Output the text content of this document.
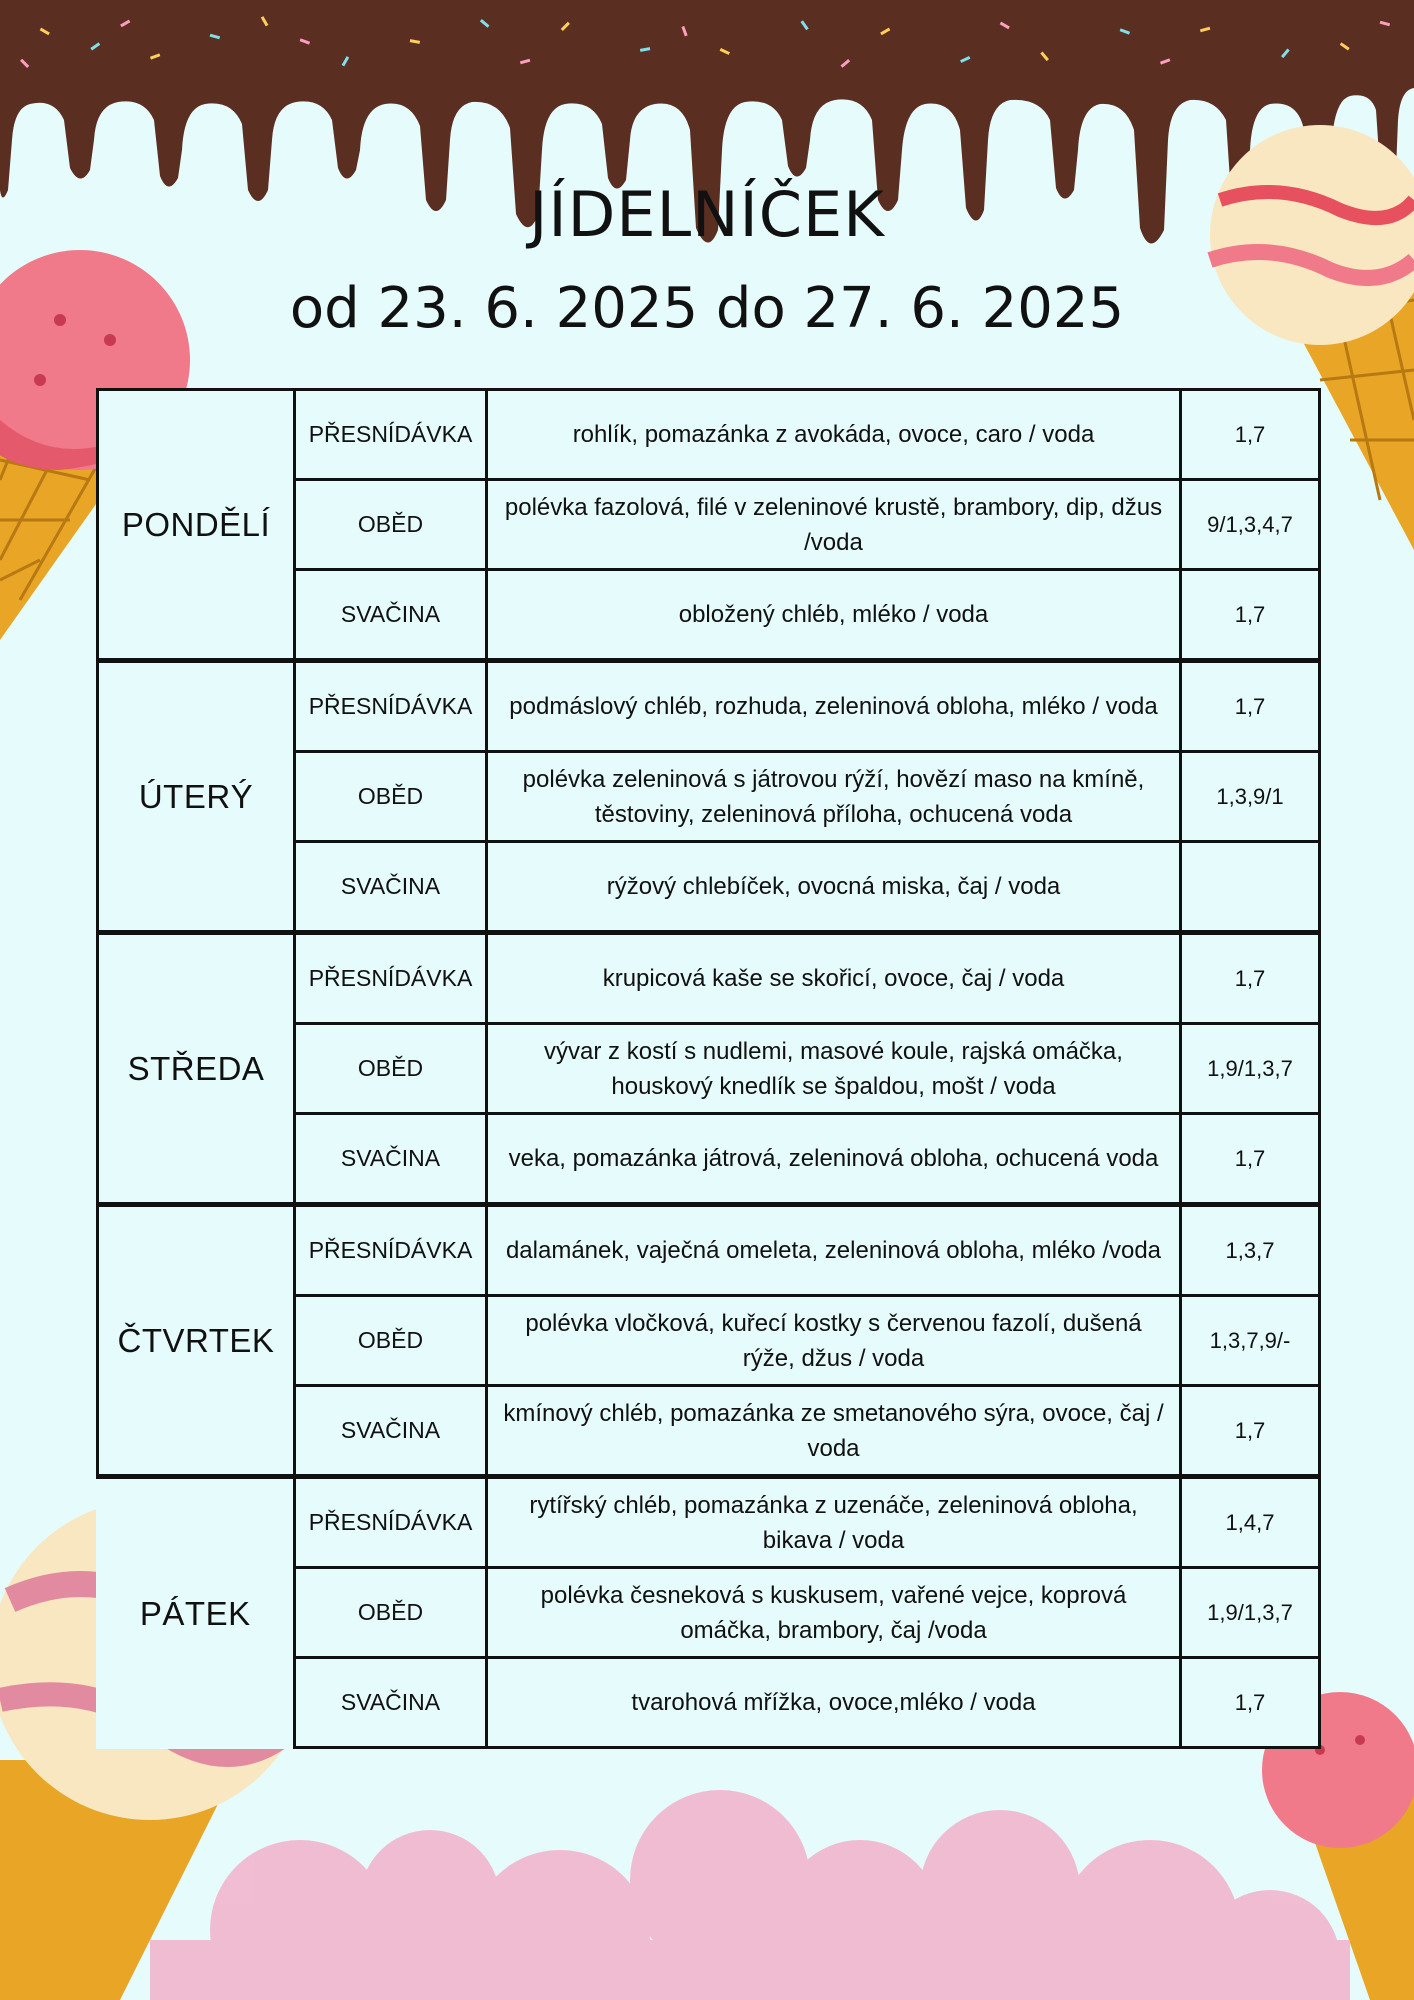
JÍDELNÍČEK
od 23. 6. 2025 do 27. 6. 2025
PONDĚLÍ	PŘESNÍDÁVKA	rohlík, pomazánka z avokáda, ovoce, caro / voda	1,7
	OBĚD	polévka fazolová, filé v zeleninové krustě, brambory, dip, džus /voda	9/1,3,4,7
	SVAČINA	obložený chléb, mléko / voda	1,7
ÚTERÝ	PŘESNÍDÁVKA	podmáslový chléb, rozhuda, zeleninová obloha, mléko / voda	1,7
	OBĚD	polévka zeleninová s játrovou rýží, hovězí maso na kmíně, těstoviny, zeleninová příloha, ochucená voda	1,3,9/1
	SVAČINA	rýžový chlebíček, ovocná miska, čaj / voda	
STŘEDA	PŘESNÍDÁVKA	krupicová kaše se skořicí, ovoce, čaj / voda	1,7
	OBĚD	vývar z kostí s nudlemi, masové koule, rajská omáčka, houskový knedlík se špaldou, mošt / voda	1,9/1,3,7
	SVAČINA	veka, pomazánka játrová, zeleninová obloha, ochucená voda	1,7
ČTVRTEK	PŘESNÍDÁVKA	dalamánek, vaječná omeleta, zeleninová obloha, mléko /voda	1,3,7
	OBĚD	polévka vločková, kuřecí kostky s červenou fazolí, dušená rýže, džus / voda	1,3,7,9/-
	SVAČINA	kmínový chléb, pomazánka ze smetanového sýra, ovoce, čaj / voda	1,7
PÁTEK	PŘESNÍDÁVKA	rytířský chléb, pomazánka z uzenáče, zeleninová obloha, bikava / voda	1,4,7
	OBĚD	polévka česneková s kuskusem, vařené vejce, koprová omáčka, brambory, čaj /voda	1,9/1,3,7
	SVAČINA	tvarohová mřížka, ovoce,mléko / voda	1,7
